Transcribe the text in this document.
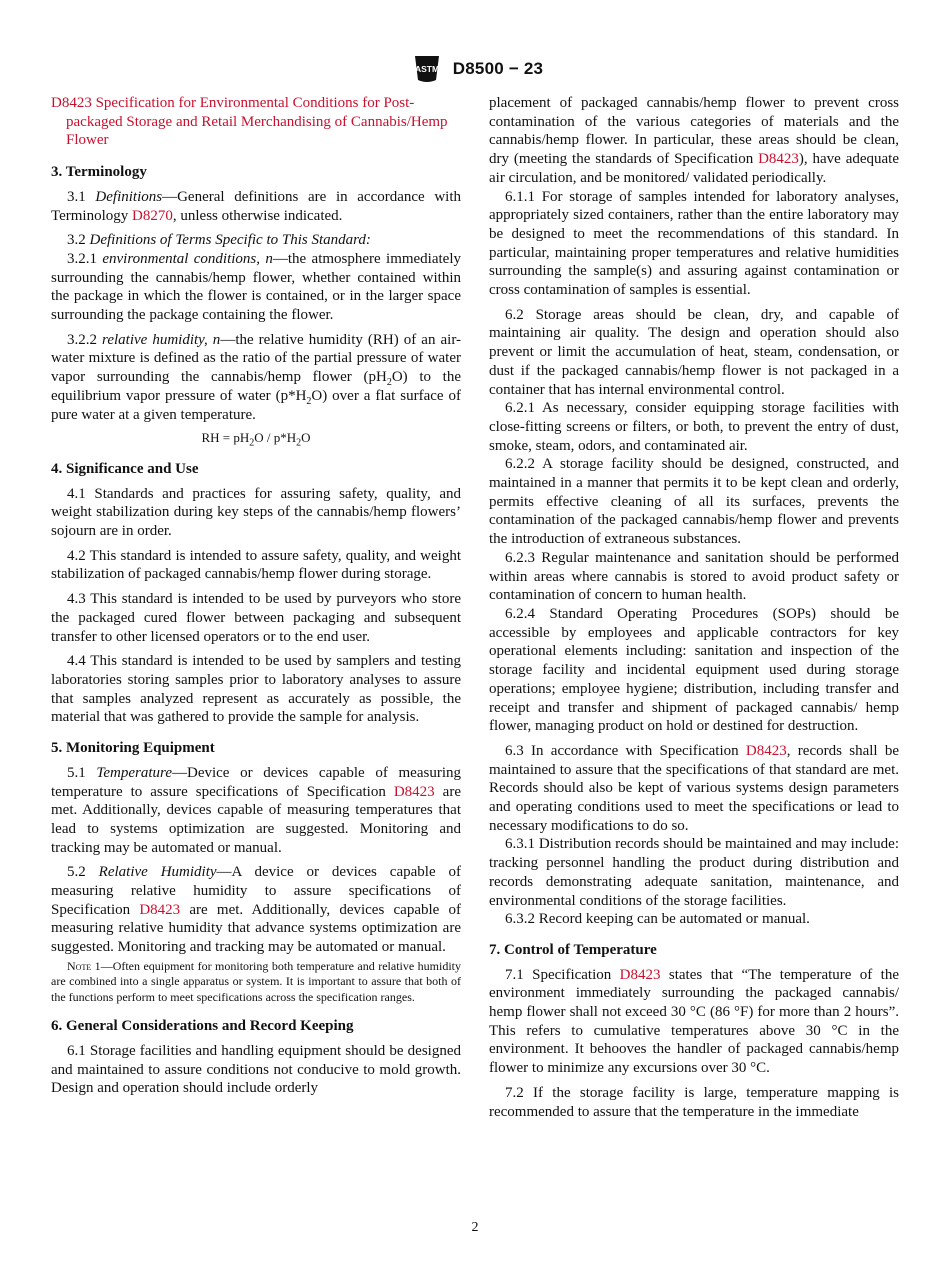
ASTM D8500 − 23

D8423 Specification for Environmental Conditions for Post-packaged Storage and Retail Merchandising of Cannabis/Hemp Flower

3. Terminology

3.1 Definitions—General definitions are in accordance with Terminology D8270, unless otherwise indicated.

3.2 Definitions of Terms Specific to This Standard:

3.2.1 environmental conditions, n—the atmosphere immediately surrounding the cannabis/hemp flower, whether contained within the package in which the flower is contained, or in the larger space surrounding the package containing the flower.

3.2.2 relative humidity, n—the relative humidity (RH) of an air-water mixture is defined as the ratio of the partial pressure of water vapor surrounding the cannabis/hemp flower $(pH_2O)$ to the equilibrium vapor pressure of water $(p*H_2O)$ over a flat surface of pure water at a given temperature.

RH = $pH_2O / p*H_2O$
4. Significance and Use

4.1 Standards and practices for assuring safety, quality, and weight stabilization during key steps of the cannabis/hemp flowers’ sojourn are in order.

4.2 This standard is intended to assure safety, quality, and weight stabilization of packaged cannabis/hemp flower during storage.

4.3 This standard is intended to be used by purveyors who store the packaged cured flower between packaging and subsequent transfer to other licensed operators or to the end user.

4.4 This standard is intended to be used by samplers and testing laboratories storing samples prior to laboratory analyses to assure that samples analyzed represent as accurately as possible, the material that was gathered to provide the sample for analysis.

5. Monitoring Equipment

5.1 Temperature—Device or devices capable of measuring temperature to assure specifications of Specification D8423 are met. Additionally, devices capable of measuring temperatures that lead to systems optimization are suggested. Monitoring and tracking may be automated or manual.

5.2 Relative Humidity—A device or devices capable of measuring relative humidity to assure specifications of Specification D8423 are met. Additionally, devices capable of measuring relative humidity that advance systems optimization are suggested. Monitoring and tracking may be automated or manual.

Note 1—Often equipment for monitoring both temperature and relative humidity are combined into a single apparatus or system. It is important to assure that both of the functions perform to meet specifications across the specification ranges.

6. General Considerations and Record Keeping

6.1 Storage facilities and handling equipment should be designed and maintained to assure conditions not conducive to mold growth. Design and operation should include orderly

placement of packaged cannabis/hemp flower to prevent cross contamination of the various categories of materials and the cannabis/hemp flower. In particular, these areas should be clean, dry (meeting the standards of Specification D8423), have adequate air circulation, and be monitored/ validated periodically.

6.1.1 For storage of samples intended for laboratory analyses, appropriately sized containers, rather than the entire laboratory may be designed to meet the recommendations of this standard. In particular, maintaining proper temperatures and relative humidities surrounding the sample(s) and assuring against contamination or cross contamination of samples is essential.

6.2 Storage areas should be clean, dry, and capable of maintaining air quality. The design and operation should also prevent or limit the accumulation of heat, steam, condensation, or dust if the packaged cannabis/hemp flower is not packaged in a container that has internal environmental control.

6.2.1 As necessary, consider equipping storage facilities with close-fitting screens or filters, or both, to prevent the entry of dust, smoke, steam, odors, and contaminated air.

6.2.2 A storage facility should be designed, constructed, and maintained in a manner that permits it to be kept clean and orderly, permits effective cleaning of all its surfaces, prevents the contamination of the packaged cannabis/hemp flower and prevents the introduction of extraneous substances.

6.2.3 Regular maintenance and sanitation should be performed within areas where cannabis is stored to avoid product safety or contamination of concern to human health.

6.2.4 Standard Operating Procedures (SOPs) should be accessible by employees and applicable contractors for key operational elements including: sanitation and inspection of the storage facility and incidental equipment used during storage operations; employee hygiene; distribution, including transfer and receipt and transfer and shipment of packaged cannabis/ hemp flower, managing product on hold or destined for destruction.

6.3 In accordance with Specification D8423, records shall be maintained to assure that the specifications of that standard are met. Records should also be kept of various systems design parameters and operating conditions used to meet the specifications or lead to necessary modifications to do so.

6.3.1 Distribution records should be maintained and may include: tracking personnel handling the product during distribution and records demonstrating adequate sanitation, maintenance, and environmental conditions of the storage facilities.

6.3.2 Record keeping can be automated or manual.

7. Control of Temperature

7.1 Specification D8423 states that “The temperature of the environment immediately surrounding the packaged cannabis/ hemp flower shall not exceed 30 °C (86 °F) for more than 2 hours”. This refers to cumulative temperatures above 30 °C in the environment. It behooves the handler of packaged cannabis/hemp flower to minimize any excursions over 30 °C.

7.2 If the storage facility is large, temperature mapping is recommended to assure that the temperature in the immediate

2
